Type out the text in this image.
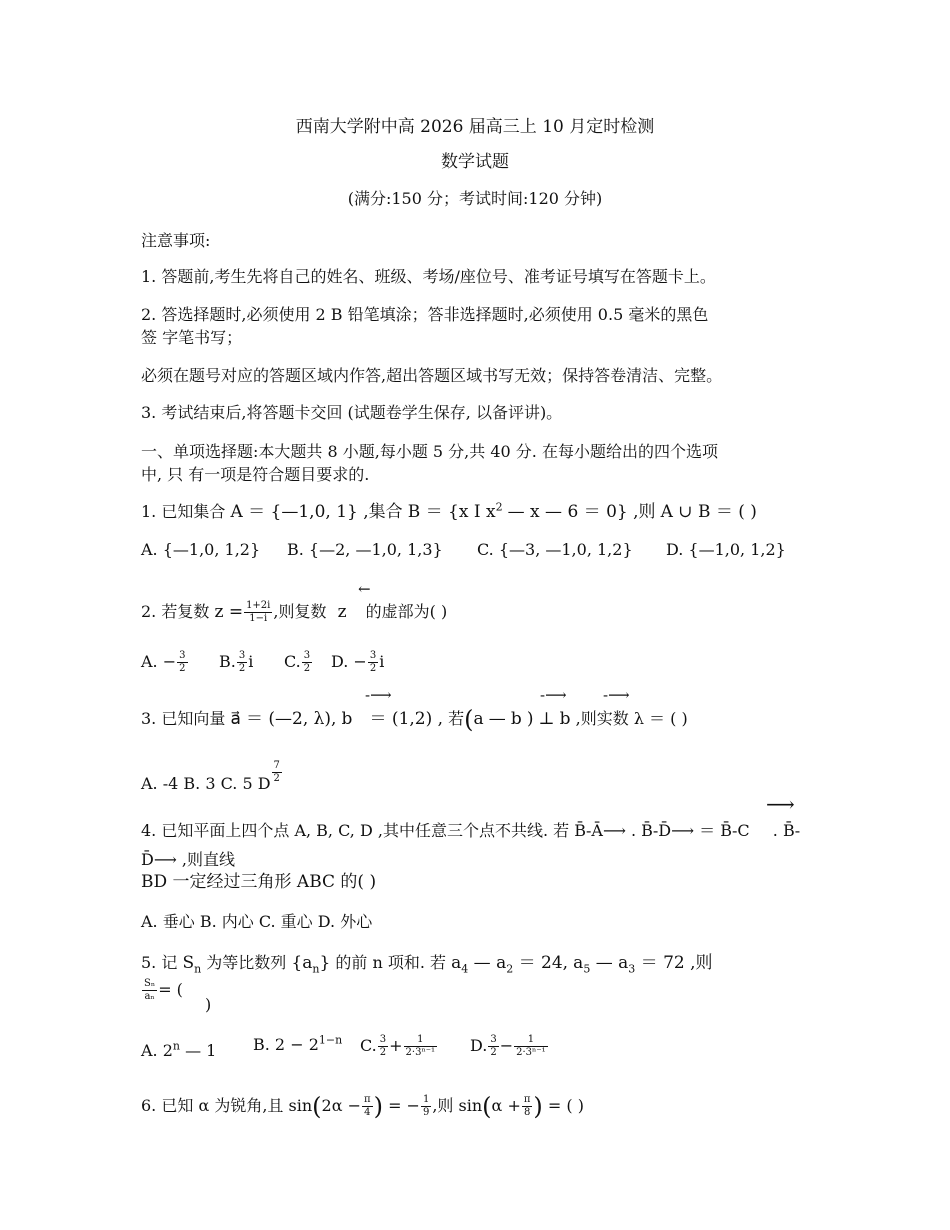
西南大学附中高 2026 届高三上 10 月定时检测

数学试题

(满分:150 分；考试时间:120 分钟)

注意事项:

1. 答题前,考生先将自己的姓名、班级、考场/座位号、准考证号填写在答题卡上。

2. 答选择题时,必须使用 2 B 铅笔填涂；答非选择题时,必须使用 0.5 毫米的黑色

签 字笔书写；

必须在题号对应的答题区域内作答,超出答题区域书写无效；保持答卷清洁、完整。

3. 考试结束后,将答题卡交回 (试题卷学生保存, 以备评讲)。

一、单项选择题:本大题共 8 小题,每小题 5 分,共 40 分. 在每小题给出的四个选项

中, 只 有一项是符合题目要求的.

1. 已知集合 A ＝ {—1,0, 1} ,集合 B ＝ {x I $x^2$ — x — 6 ＝ 0} ,则 A ∪ B ＝ ( )

A. {—1,0, 1,2} B. {—2, —1,0, 1,3} C. {—3, —1,0, 1,2} D. {—1,0, 1,2}
←

2. 若复数 $z = \frac{1+2i}{1-i}$ ,则复数 z 的虚部为( )

A. − $\frac{3}{2} B$. $\frac{3}{2}$ i C. $\frac{3}{2} D$. − $\frac{3}{2}$ i
-⟶	-⟶ -⟶

3. 已知向量 a ＝ (—2, λ), b ＝ (1,2) , 若(a — b ) ⊥ b ,则实数 λ ＝ ( )

A. -4 B. 3 C. 5 D $\frac{7}{2}$
⟶

4. 已知平面上四个点 A, B, C, D ,其中任意三个点不共线. 若 B̄-Ā⟶ . B̄-D̄⟶ ＝ B̄-C . B̄-

D̄⟶ ,则直线

BD 一定经过三角形 ABC 的( )

A. 垂心 B. 内心 C. 重心 D. 外心

5. 记 $S_n$ 为等比数列 $\{a_n\}$ 的前 n 项和. 若 $a_4$ — $a_2 = 24$, $a_5$ — $a_3 = 72$ ,则

$\frac{\text{Sₙ}}{\text{aₙ}}$ = (

)

A. 2$^n$ — 1 B. $2 - 2^{1-n}$ C. $\frac{3}{2} + \frac{1}{\text{2·3ⁿ⁻¹}} D$. $\frac{3}{2} - \frac{1}{\text{2·3ⁿ⁻¹}}$

6. 已知 α 为锐角,且 $\sin(2\alpha - \frac{\pi}{4}$ ) = − $\frac{1}{9}$ ,则 $\sin(\alpha + \frac{\pi}{8}$ ) = ( )
